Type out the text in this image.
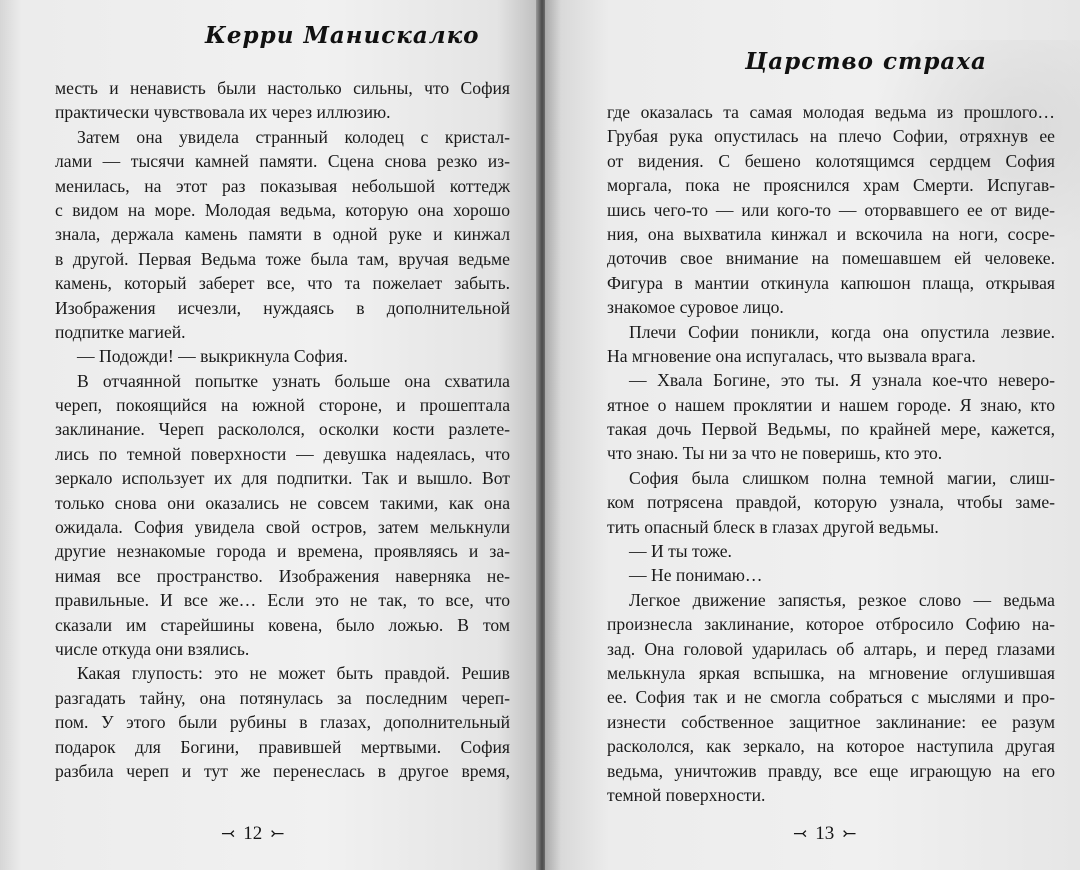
Керри Манискалко
месть и ненависть были настолько сильны, что София
практически чувствовала их через иллюзию.
Затем она увидела странный колодец с кристал-
лами — тысячи камней памяти. Сцена снова резко из-
менилась, на этот раз показывая небольшой коттедж
с видом на море. Молодая ведьма, которую она хорошо
знала, держала камень памяти в одной руке и кинжал
в другой. Первая Ведьма тоже была там, вручая ведьме
камень, который заберет все, что та пожелает забыть.
Изображения исчезли, нуждаясь в дополнительной
подпитке магией.
— Подожди! — выкрикнула София.
В отчаянной попытке узнать больше она схватила
череп, покоящийся на южной стороне, и прошептала
заклинание. Череп раскололся, осколки кости разлете-
лись по темной поверхности — девушка надеялась, что
зеркало использует их для подпитки. Так и вышло. Вот
только снова они оказались не совсем такими, как она
ожидала. София увидела свой остров, затем мелькнули
другие незнакомые города и времена, проявляясь и за-
нимая все пространство. Изображения наверняка не-
правильные. И все же… Если это не так, то все, что
сказали им старейшины ковена, было ложью. В том
числе откуда они взялись.
Какая глупость: это не может быть правдой. Решив
разгадать тайну, она потянулась за последним череп-
пом. У этого были рубины в глазах, дополнительный
подарок для Богини, правившей мертвыми. София
разбила череп и тут же перенеслась в другое время,
⤙ 12 ⤚
Царство страха
где оказалась та самая молодая ведьма из прошлого…
Грубая рука опустилась на плечо Софии, отряхнув ее
от видения. С бешено колотящимся сердцем София
моргала, пока не прояснился храм Смерти. Испугав-
шись чего-то — или кого-то — оторвавшего ее от виде-
ния, она выхватила кинжал и вскочила на ноги, сосре-
доточив свое внимание на помешавшем ей человеке.
Фигура в мантии откинула капюшон плаща, открывая
знакомое суровое лицо.
Плечи Софии поникли, когда она опустила лезвие.
На мгновение она испугалась, что вызвала врага.
— Хвала Богине, это ты. Я узнала кое-что неверо-
ятное о нашем проклятии и нашем городе. Я знаю, кто
такая дочь Первой Ведьмы, по крайней мере, кажется,
что знаю. Ты ни за что не поверишь, кто это.
София была слишком полна темной магии, слиш-
ком потрясена правдой, которую узнала, чтобы заме-
тить опасный блеск в глазах другой ведьмы.
— И ты тоже.
— Не понимаю…
Легкое движение запястья, резкое слово — ведьма
произнесла заклинание, которое отбросило Софию на-
зад. Она головой ударилась об алтарь, и перед глазами
мелькнула яркая вспышка, на мгновение оглушившая
ее. София так и не смогла собраться с мыслями и про-
изнести собственное защитное заклинание: ее разум
раскололся, как зеркало, на которое наступила другая
ведьма, уничтожив правду, все еще играющую на его
темной поверхности.
⤙ 13 ⤚
